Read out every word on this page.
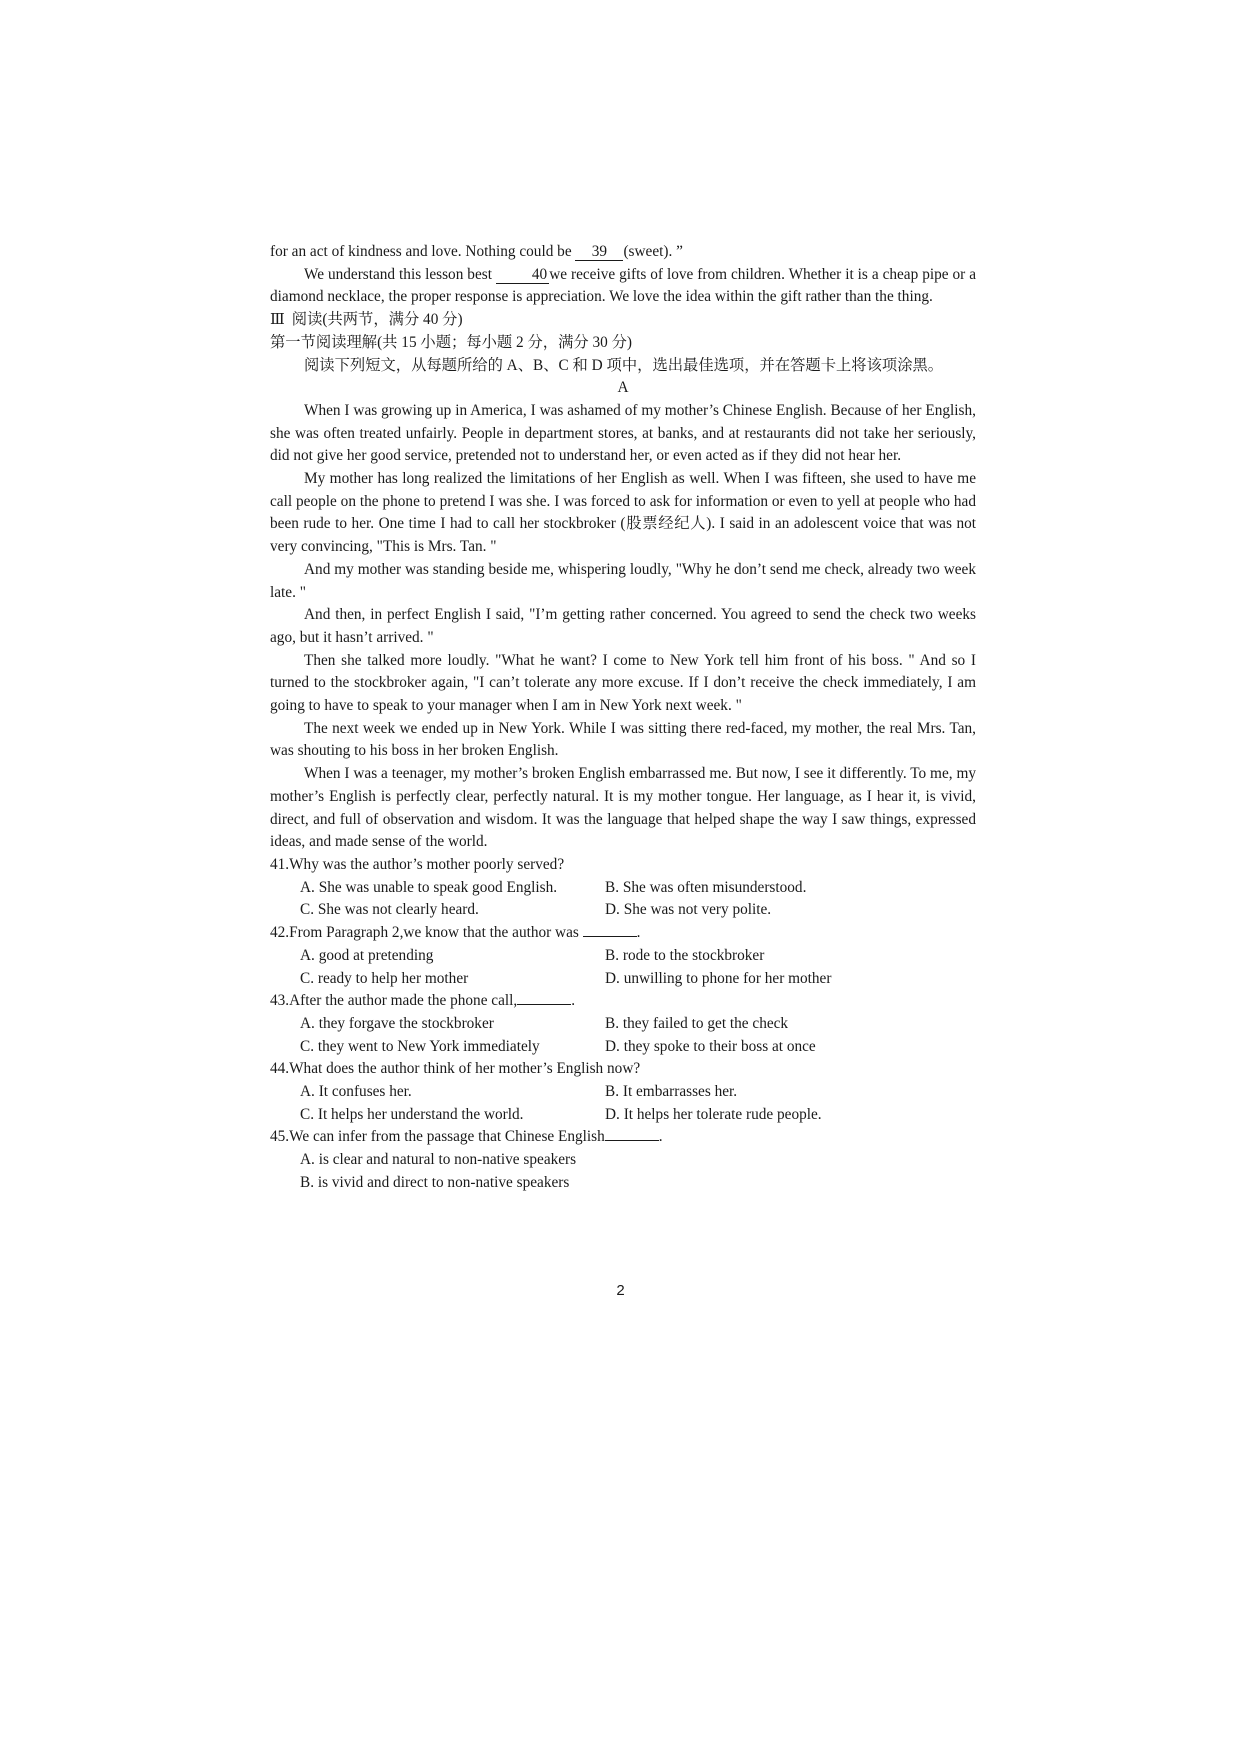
for an act of kindness and love. Nothing could be 39 (sweet). ”

We understand this lesson best 40 we receive gifts of love from children. Whether it is a cheap pipe or a diamond necklace, the proper response is appreciation. We love the idea within the gift rather than the thing.

Ⅲ 阅读(共两节，满分 40 分)

第一节阅读理解(共 15 小题；每小题 2 分，满分 30 分)

阅读下列短文，从每题所给的 A、B、C 和 D 项中，选出最佳选项，并在答题卡上将该项涂黑。

A

When I was growing up in America, I was ashamed of my mother’s Chinese English. Because of her English, she was often treated unfairly. People in department stores, at banks, and at restaurants did not take her seriously, did not give her good service, pretended not to understand her, or even acted as if they did not hear her.

My mother has long realized the limitations of her English as well. When I was fifteen, she used to have me call people on the phone to pretend I was she. I was forced to ask for information or even to yell at people who had been rude to her. One time I had to call her stockbroker (股票经纪人). I said in an adolescent voice that was not very convincing, "This is Mrs. Tan. "

And my mother was standing beside me, whispering loudly, "Why he don’t send me check, already two week late. "

And then, in perfect English I said, "I’m getting rather concerned. You agreed to send the check two weeks ago, but it hasn’t arrived. "

Then she talked more loudly. "What he want? I come to New York tell him front of his boss. " And so I turned to the stockbroker again, "I can’t tolerate any more excuse. If I don’t receive the check immediately, I am going to have to speak to your manager when I am in New York next week. "

The next week we ended up in New York. While I was sitting there red-faced, my mother, the real Mrs. Tan, was shouting to his boss in her broken English.

When I was a teenager, my mother’s broken English embarrassed me. But now, I see it differently. To me, my mother’s English is perfectly clear, perfectly natural. It is my mother tongue. Her language, as I hear it, is vivid, direct, and full of observation and wisdom. It was the language that helped shape the way I saw things, expressed ideas, and made sense of the world.

41.Why was the author’s mother poorly served?

A. She was unable to speak good English.	B. She was often misunderstood.
C. She was not clearly heard.	D. She was not very polite.

42.From Paragraph 2,we know that the author was	.

A. good at pretending	B. rode to the stockbroker
C. ready to help her mother	D. unwilling to phone for her mother

43.After the author made the phone call,	.

A. they forgave the stockbroker	B. they failed to get the check
C. they went to New York immediately	D. they spoke to their boss at once

44.What does the author think of her mother’s English now?

A. It confuses her.	B. It embarrasses her.
C. It helps her understand the world.	D. It helps her tolerate rude people.

45.We can infer from the passage that Chinese English	.

A. is clear and natural to non-native speakers
B. is vivid and direct to non-native speakers
2
